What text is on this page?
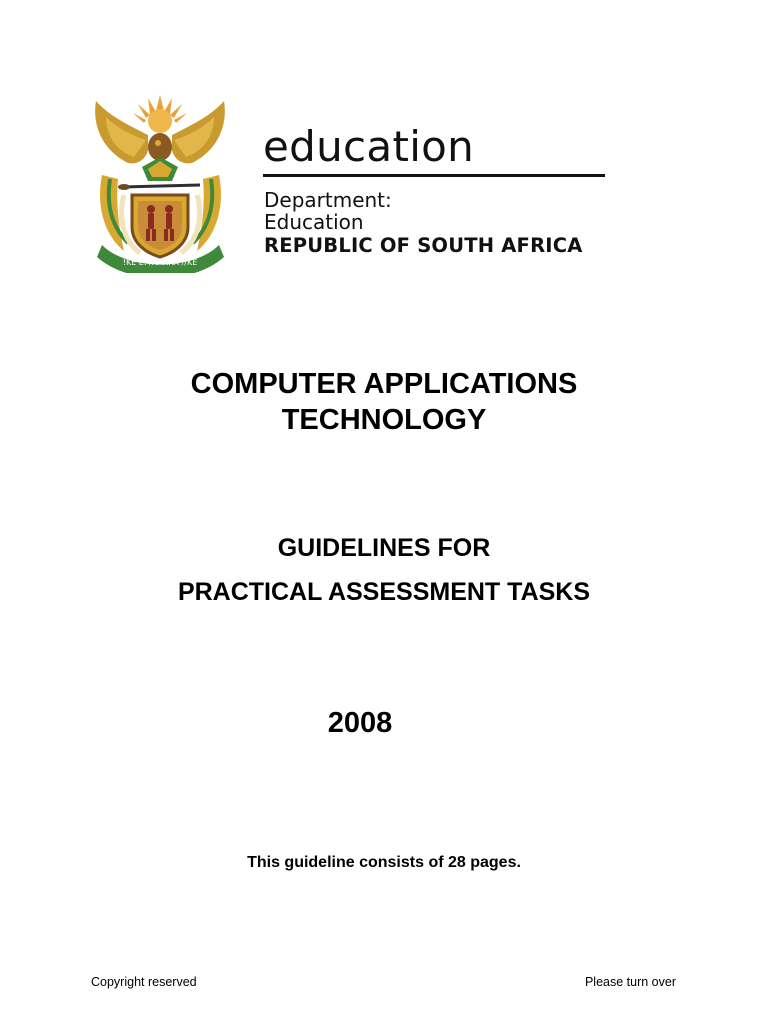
!KE E: /XARRA //KE
education
Department:
Education
REPUBLIC OF SOUTH AFRICA
COMPUTER APPLICATIONS
TECHNOLOGY
GUIDELINES FOR
PRACTICAL ASSESSMENT TASKS
2008
This guideline consists of 28 pages.
Copyright reserved	Please turn over
